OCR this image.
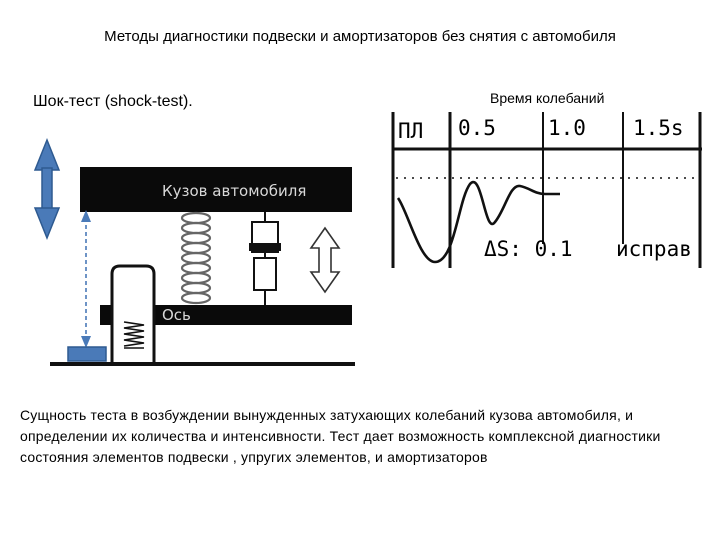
Методы диагностики подвески и амортизаторов без снятия с автомобиля
Шок-тест (shock-test).	Время колебаний
Кузов автомобиля
Ось
ПЛ 0.5 1.0 1.5s
ΔS: 0.1 исправ
Сущность теста в возбуждении вынужденных затухающих колебаний кузова автомобиля, и определении их количества и интенсивности. Тест дает возможность комплексной диагностики состояния элементов подвески , упругих элементов, и амортизаторов
